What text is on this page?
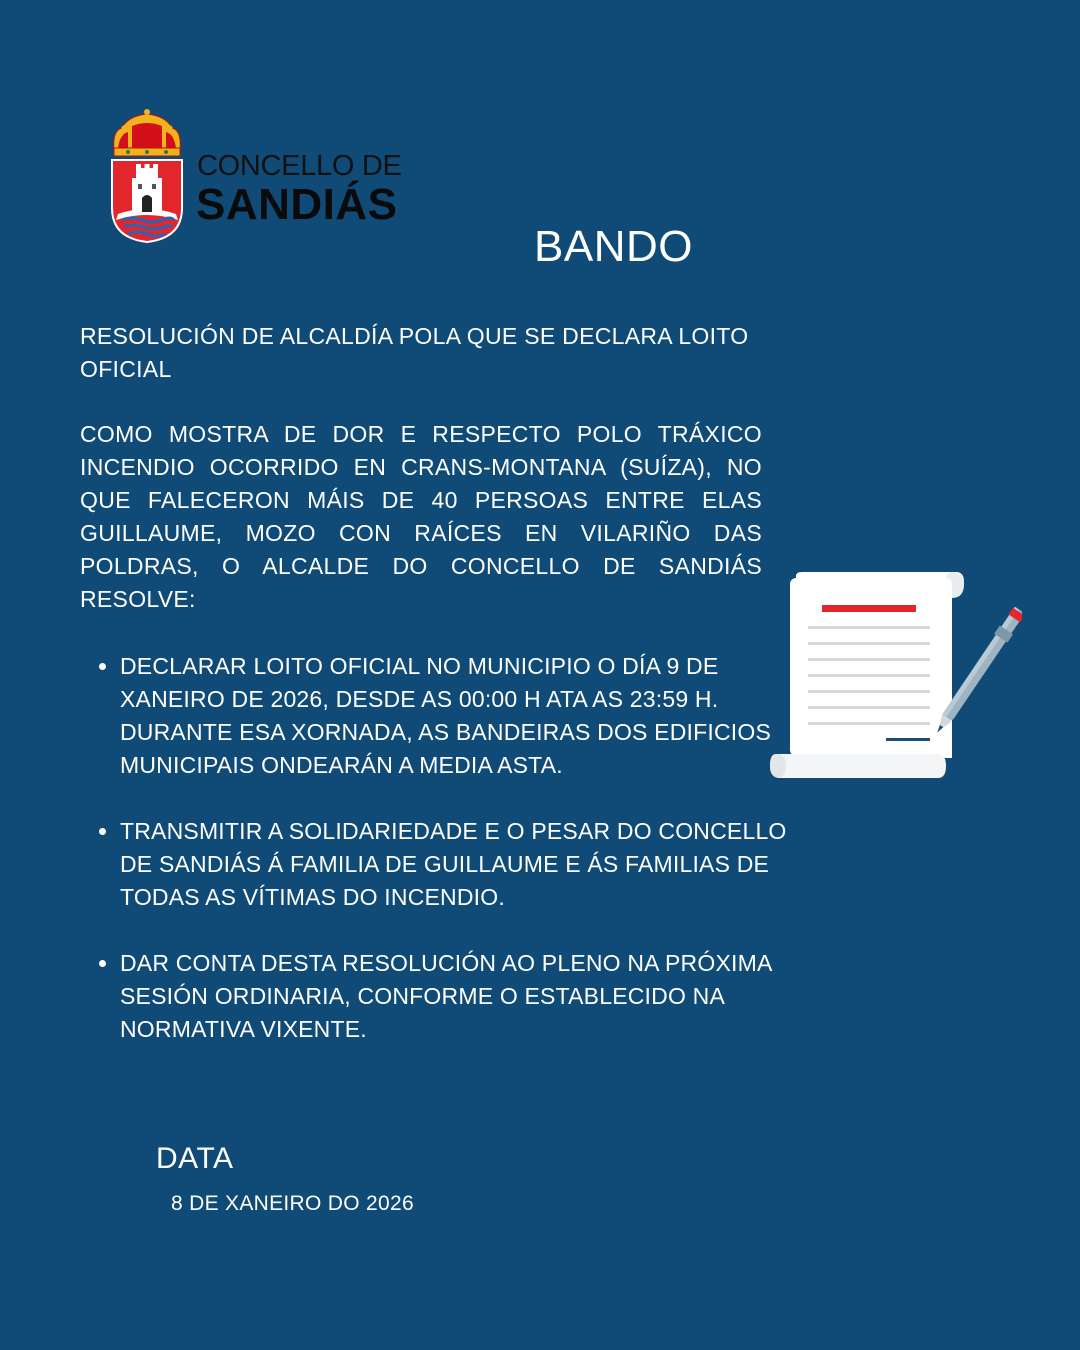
CONCELLO DE
SANDIÁS
BANDO
RESOLUCIÓN DE ALCALDÍA POLA QUE SE DECLARA LOITO OFICIAL
COMO MOSTRA DE DOR E RESPECTO POLO TRÁXICO INCENDIO OCORRIDO EN CRANS-MONTANA (SUÍZA), NO QUE FALECERON MÁIS DE 40 PERSOAS ENTRE ELAS GUILLAUME, MOZO CON RAÍCES EN VILARIÑO DAS POLDRAS, O ALCALDE DO CONCELLO DE SANDIÁS RESOLVE:
• DECLARAR LOITO OFICIAL NO MUNICIPIO O DÍA 9 DE XANEIRO DE 2026, DESDE AS 00:00 H ATA AS 23:59 H. DURANTE ESA XORNADA, AS BANDEIRAS DOS EDIFICIOS MUNICIPAIS ONDEARÁN A MEDIA ASTA.
• TRANSMITIR A SOLIDARIEDADE E O PESAR DO CONCELLO DE SANDIÁS Á FAMILIA DE GUILLAUME E ÁS FAMILIAS DE TODAS AS VÍTIMAS DO INCENDIO.
• DAR CONTA DESTA RESOLUCIÓN AO PLENO NA PRÓXIMA SESIÓN ORDINARIA, CONFORME O ESTABLECIDO NA NORMATIVA VIXENTE.
DATA
8 DE XANEIRO DO 2026
